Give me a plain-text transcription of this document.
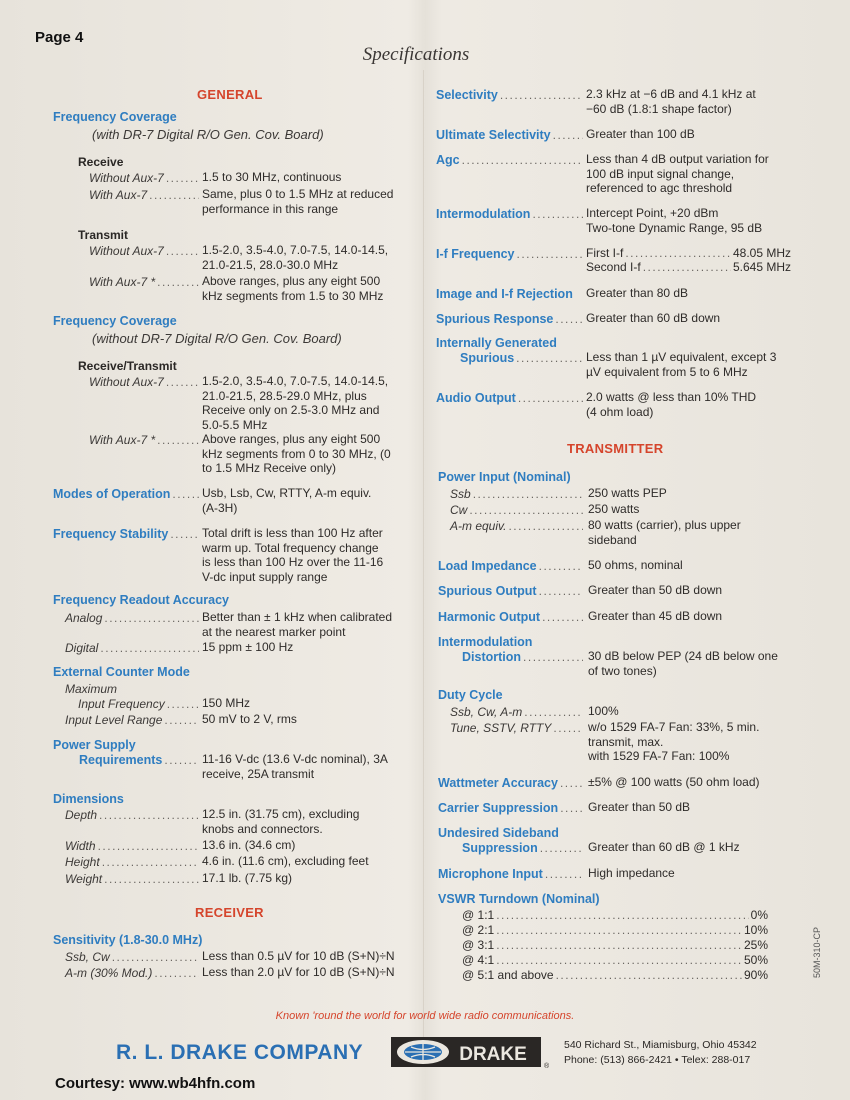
Page 4
Specifications
GENERAL
Frequency Coverage
(with DR-7 Digital R/O Gen. Cov. Board)
Receive
Without Aux-7 .....	1.5 to 30 MHz, continuous
With Aux-7 .....	Same, plus 0 to 1.5 MHz at reduced
performance in this range
Transmit
Without Aux-7 .....	1.5-2.0, 3.5-4.0, 7.0-7.5, 14.0-14.5,
21.0-21.5, 28.0-30.0 MHz
With Aux-7 * .....	Above ranges, plus any eight 500
kHz segments from 1.5 to 30 MHz
Frequency Coverage
(without DR-7 Digital R/O Gen. Cov. Board)
Receive/Transmit
Without Aux-7 .....	1.5-2.0, 3.5-4.0, 7.0-7.5, 14.0-14.5,
21.0-21.5, 28.5-29.0 MHz, plus
Receive only on 2.5-3.0 MHz and
5.0-5.5 MHz
With Aux-7 * .....	Above ranges, plus any eight 500
kHz segments from 0 to 30 MHz, (0
to 1.5 MHz Receive only)
Modes of Operation .....	Usb, Lsb, Cw, RTTY, A-m equiv.
(A-3H)
Frequency Stability .....	Total drift is less than 100 Hz after
warm up. Total frequency change
is less than 100 Hz over the 11-16
V-dc input supply range
Frequency Readout Accuracy
Analog .....	Better than ± 1 kHz when calibrated
at the nearest marker point
Digital .....	15 ppm ± 100 Hz
External Counter Mode
Maximum
Input Frequency .....	150 MHz
Input Level Range .....	50 mV to 2 V, rms
Power Supply
Requirements .....	11-16 V-dc (13.6 V-dc nominal), 3A
receive, 25A transmit
Dimensions
Depth .....	12.5 in. (31.75 cm), excluding
knobs and connectors.
Width .....	13.6 in. (34.6 cm)
Height .....	4.6 in. (11.6 cm), excluding feet
Weight .....	17.1 lb. (7.75 kg)
RECEIVER
Sensitivity (1.8-30.0 MHz)
Ssb, Cw .....	Less than 0.5 µV for 10 dB (S+N)÷N
A-m (30% Mod.) .....	Less than 2.0 µV for 10 dB (S+N)÷N
Selectivity .....	2.3 kHz at −6 dB and 4.1 kHz at
−60 dB (1.8:1 shape factor)
Ultimate Selectivity .....	Greater than 100 dB
Agc .....	Less than 4 dB output variation for
100 dB input signal change,
referenced to agc threshold
Intermodulation .....	Intercept Point, +20 dBm
Two-tone Dynamic Range, 95 dB
I-f Frequency .....	First I-f .....	48.05 MHz
Second I-f .....	5.645 MHz
Image and I-f Rejection Greater than 80 dB
Spurious Response .....	Greater than 60 dB down
Internally Generated
Spurious .....	Less than 1 µV equivalent, except 3
µV equivalent from 5 to 6 MHz
Audio Output .....	2.0 watts @ less than 10% THD
(4 ohm load)
TRANSMITTER
Power Input (Nominal)
Ssb .....	250 watts PEP
Cw .....	250 watts
A-m equiv. .....	80 watts (carrier), plus upper
sideband
Load Impedance .....	50 ohms, nominal
Spurious Output .....	Greater than 50 dB down
Harmonic Output .....	Greater than 45 dB down
Intermodulation
Distortion .....	30 dB below PEP (24 dB below one
of two tones)
Duty Cycle
Ssb, Cw, A-m .....	100%
Tune, SSTV, RTTY .....	w/o 1529 FA-7 Fan: 33%, 5 min.
transmit, max.
with 1529 FA-7 Fan: 100%
Wattmeter Accuracy .....	±5% @ 100 watts (50 ohm load)
Carrier Suppression ..... Greater than 50 dB
Undesired Sideband
Suppression .....	Greater than 60 dB @ 1 kHz
Microphone Input .....	High impedance
VSWR Turndown (Nominal)
@ 1:1 .....	0%
@ 2:1 .....	10%
@ 3:1 .....	25%
@ 4:1 .....	50%
@ 5:1 and above .....	90%
Known 'round the world for world wide radio communications.
R. L. DRAKE COMPANY	DRAKE
®
540 Richard St., Miamisburg, Ohio 45342
Phone: (513) 866-2421 • Telex: 288-017
Courtesy: www.wb4hfn.com
50M-310-CP
